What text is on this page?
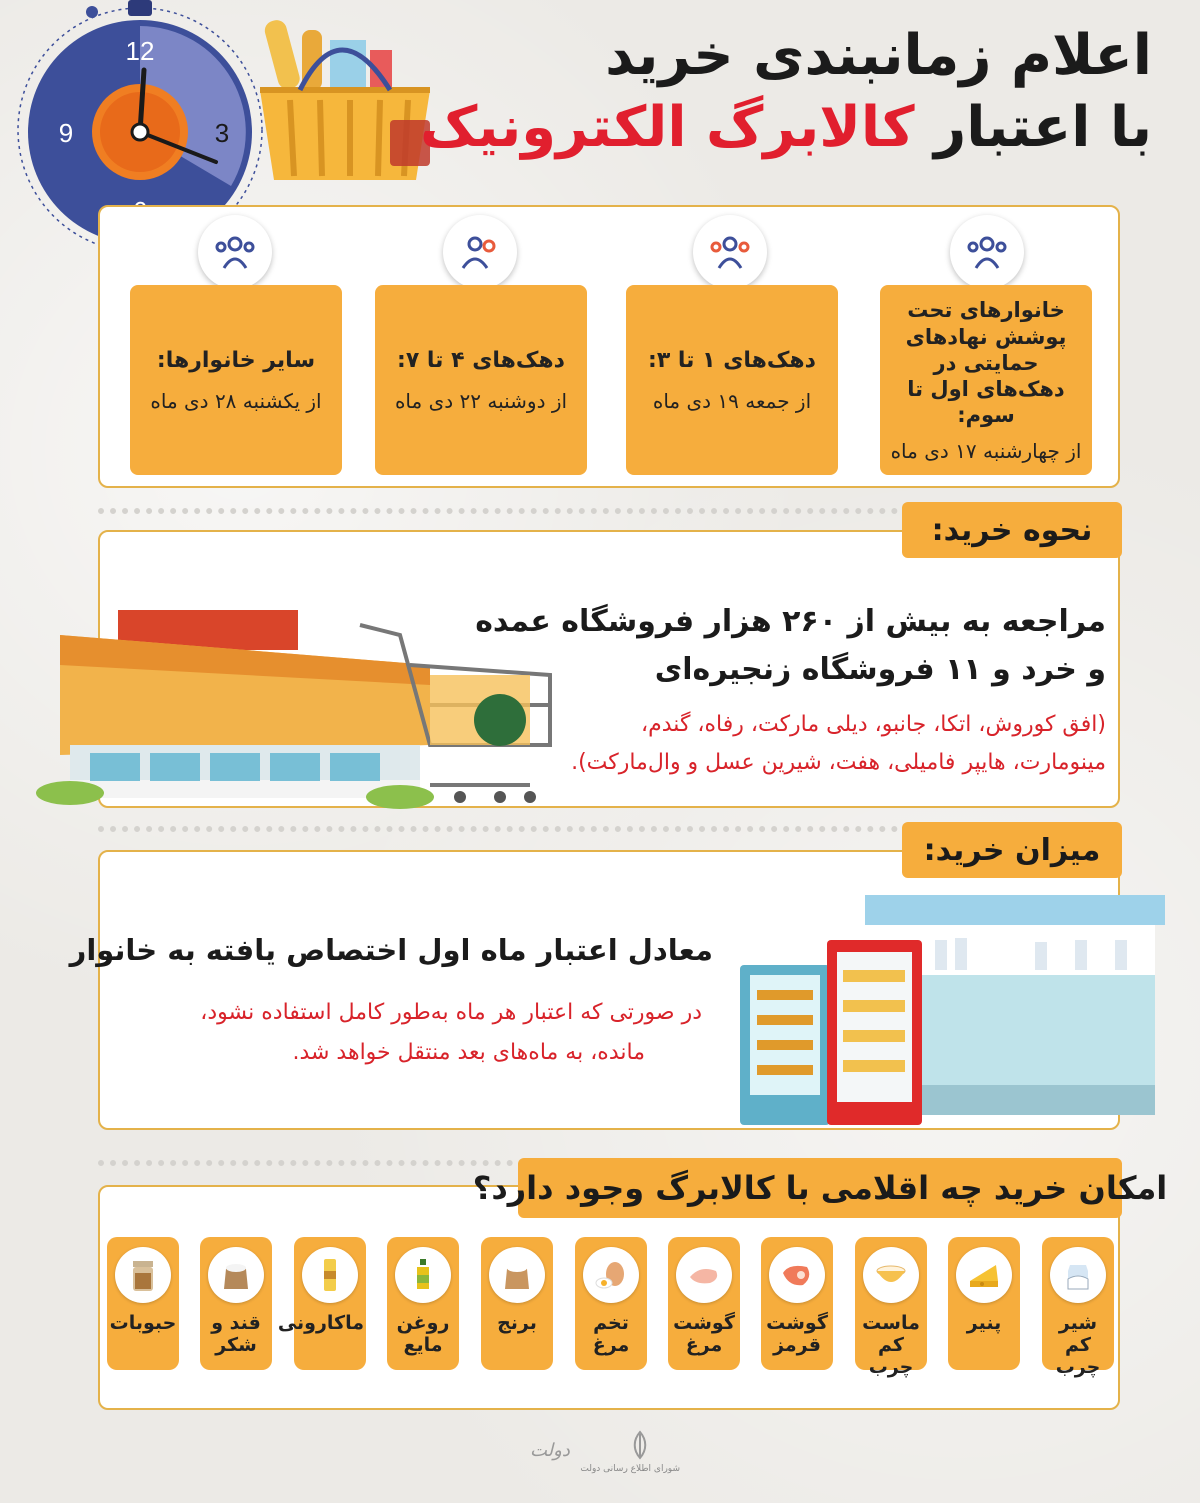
12
3
9
اعلام زمانبندی خرید
با اعتبار کالابرگ الکترونیک
خانوارهای تحت پوشش نهادهای حمایتی در دهک‌های اول تا سوم:
از چهارشنبه ۱۷ دی ماه
دهک‌های ۱ تا ۳:
از جمعه ۱۹ دی ماه
دهک‌های ۴ تا ۷:
از دوشنبه ۲۲ دی ماه
سایر خانوارها:
از یکشنبه ۲۸ دی ماه
نحوه خرید:
مراجعه به بیش از ۲۶۰ هزار فروشگاه عمده
و خرد و ۱۱ فروشگاه زنجیره‌ای
(افق کوروش، اتکا، جانبو، دیلی مارکت، رفاه، گندم،
مینومارت، هایپر فامیلی، هفت، شیرین عسل و وال‌مارکت).
میزان خرید:
معادل اعتبار ماه اول اختصاص یافته به خانوار
در صورتی که اعتبار هر ماه به‌طور کامل استفاده نشود،
مانده، به ماه‌های بعد منتقل خواهد شد.
امکان خرید چه اقلامی با کالابرگ وجود دارد؟
شیر کم چرب
پنیر
ماست کم چرب
گوشت قرمز
گوشت مرغ
تخم مرغ
برنج
روغن مایع
ماکارونی
قند و شکر
حبوبات
شورای اطلاع رسانی دولت
دولت
